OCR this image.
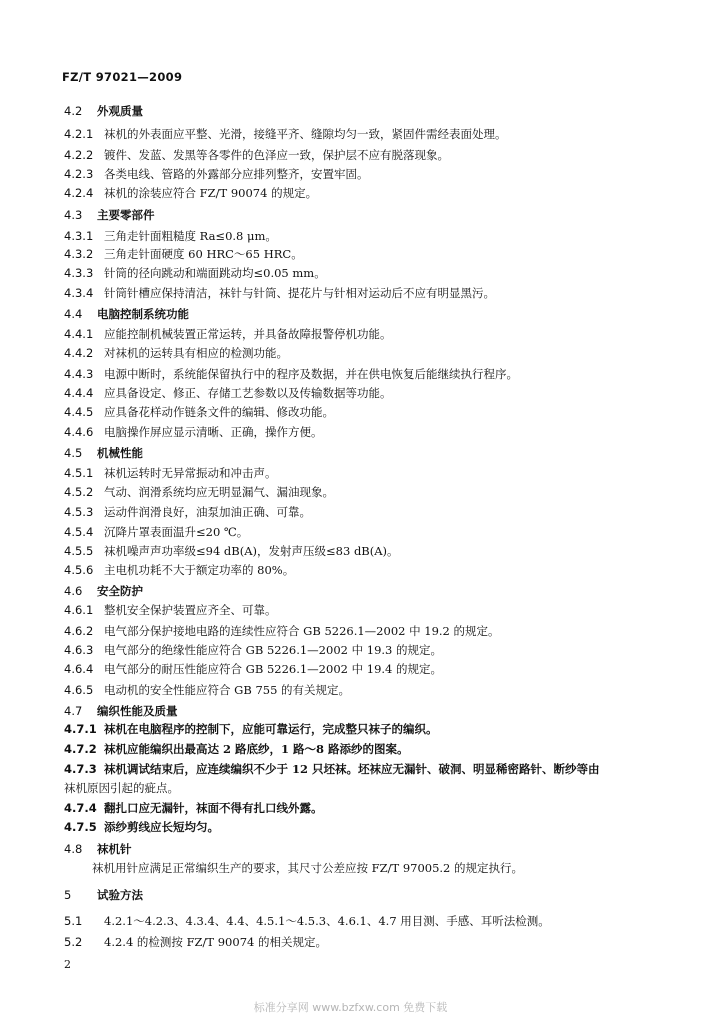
FZ/T 97021—2009
4.2 外观质量
4.2.1 袜机的外表面应平整、光滑，接缝平齐、缝隙均匀一致，紧固件需经表面处理。
4.2.2 镀件、发蓝、发黑等各零件的色泽应一致，保护层不应有脱落现象。
4.2.3 各类电线、管路的外露部分应排列整齐，安置牢固。
4.2.4 袜机的涂装应符合 FZ/T 90074 的规定。
4.3 主要零部件
4.3.1 三角走针面粗糙度 Ra≤0.8 μm。
4.3.2 三角走针面硬度 60 HRC～65 HRC。
4.3.3 针筒的径向跳动和端面跳动均≤0.05 mm。
4.3.4 针筒针槽应保持清洁，袜针与针筒、提花片与针相对运动后不应有明显黑污。
4.4 电脑控制系统功能
4.4.1 应能控制机械装置正常运转，并具备故障报警停机功能。
4.4.2 对袜机的运转具有相应的检测功能。
4.4.3 电源中断时，系统能保留执行中的程序及数据，并在供电恢复后能继续执行程序。
4.4.4 应具备设定、修正、存储工艺参数以及传输数据等功能。
4.4.5 应具备花样动作链条文件的编辑、修改功能。
4.4.6 电脑操作屏应显示清晰、正确，操作方便。
4.5 机械性能
4.5.1 袜机运转时无异常振动和冲击声。
4.5.2 气动、润滑系统均应无明显漏气、漏油现象。
4.5.3 运动件润滑良好，油泵加油正确、可靠。
4.5.4 沉降片罩表面温升≤20 ℃。
4.5.5 袜机噪声声功率级≤94 dB(A)，发射声压级≤83 dB(A)。
4.5.6 主电机功耗不大于额定功率的 80%。
4.6 安全防护
4.6.1 整机安全保护装置应齐全、可靠。
4.6.2 电气部分保护接地电路的连续性应符合 GB 5226.1—2002 中 19.2 的规定。
4.6.3 电气部分的绝缘性能应符合 GB 5226.1—2002 中 19.3 的规定。
4.6.4 电气部分的耐压性能应符合 GB 5226.1—2002 中 19.4 的规定。
4.6.5 电动机的安全性能应符合 GB 755 的有关规定。
4.7 编织性能及质量
4.7.1 袜机在电脑程序的控制下，应能可靠运行，完成整只袜子的编织。
4.7.2 袜机应能编织出最高达 2 路底纱，1 路～8 路添纱的图案。
4.7.3 袜机调试结束后，应连续编织不少于 12 只坯袜。坯袜应无漏针、破洞、明显稀密路针、断纱等由
袜机原因引起的疵点。
4.7.4 翻扎口应无漏针，袜面不得有扎口线外露。
4.7.5 添纱剪线应长短均匀。
4.8 袜机针
袜机用针应满足正常编织生产的要求，其尺寸公差应按 FZ/T 97005.2 的规定执行。
5 试验方法
5.1 4.2.1～4.2.3、4.3.4、4.4、4.5.1～4.5.3、4.6.1、4.7 用目测、手感、耳听法检测。
5.2 4.2.4 的检测按 FZ/T 90074 的相关规定。
2
标准分享网 www.bzfxw.com 免费下载
